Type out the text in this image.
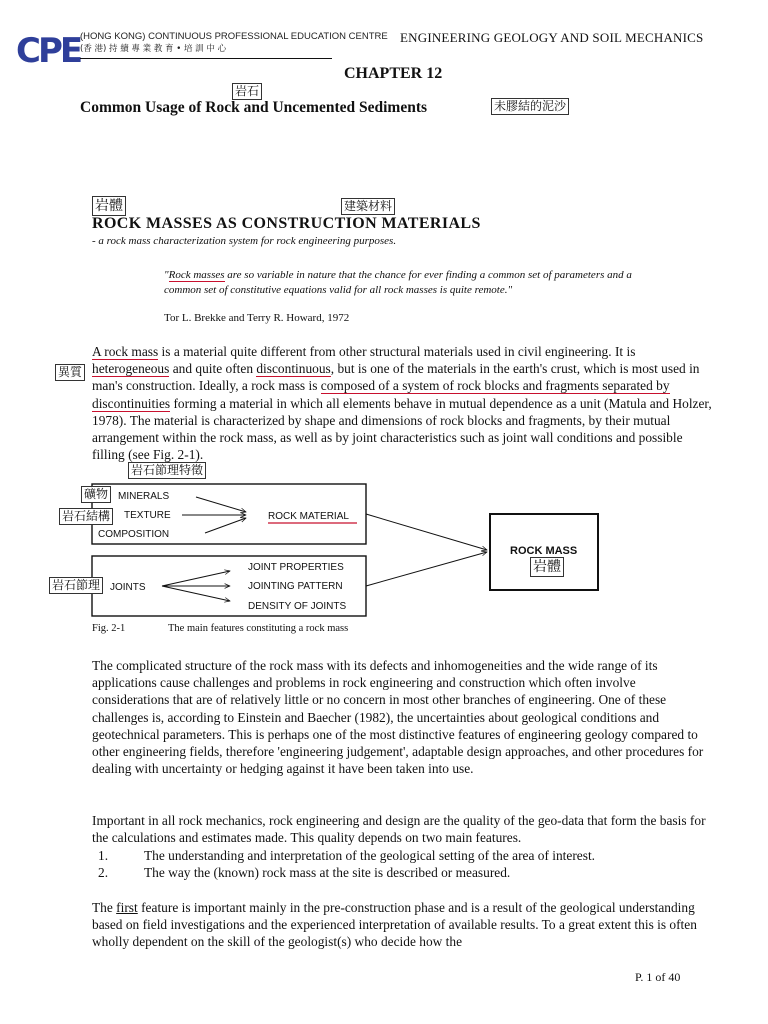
CPE (HONG KONG) CONTINUOUS PROFESSIONAL EDUCATION CENTRE
(香 港) 持 續 專 業 教 育 • 培 訓 中 心
ENGINEERING GEOLOGY AND SOIL MECHANICS
CHAPTER 12
岩石
Common Usage of Rock and Uncemented Sediments	未膠結的泥沙
岩體	建築材料
ROCK MASSES AS CONSTRUCTION MATERIALS
- a rock mass characterization system for rock engineering purposes.
"Rock masses are so variable in nature that the chance for ever finding a common set of parameters and a common set of constitutive equations valid for all rock masses is quite remote."
Tor L. Brekke and Terry R. Howard, 1972
異質
A rock mass is a material quite different from other structural materials used in civil engineering. It is heterogeneous and quite often discontinuous, but is one of the materials in the earth's crust, which is most used in man's construction. Ideally, a rock mass is composed of a system of rock blocks and fragments separated by discontinuities forming a material in which all elements behave in mutual dependence as a unit (Matula and Holzer, 1978). The material is characterized by shape and dimensions of rock blocks and fragments, by their mutual arrangement within the rock mass, as well as by joint characteristics such as joint wall conditions and possible filling (see Fig. 2-1).
岩石節理特徵
MINERALS
TEXTURE
COMPOSITION
ROCK MATERIAL
JOINTS
JOINT PROPERTIES
JOINTING PATTERN
DENSITY OF JOINTS
ROCK MASS
礦物
岩石結構
岩石節理
岩體
Fig. 2-1	The main features constituting a rock mass
The complicated structure of the rock mass with its defects and inhomogeneities and the wide range of its applications cause challenges and problems in rock engineering and construction which often involve considerations that are of relatively little or no concern in most other branches of engineering. One of these challenges is, according to Einstein and Baecher (1982), the uncertainties about geological conditions and geotechnical parameters. This is perhaps one of the most distinctive features of engineering geology compared to other engineering fields, therefore 'engineering judgement', adaptable design approaches, and other procedures for dealing with uncertainty or hedging against it have been taken into use.
Important in all rock mechanics, rock engineering and design are the quality of the geo-data that form the basis for the calculations and estimates made. This quality depends on two main features.
1.	The understanding and interpretation of the geological setting of the area of interest.
2.	The way the (known) rock mass at the site is described or measured.
The first feature is important mainly in the pre-construction phase and is a result of the geological understanding based on field investigations and the experienced interpretation of available results. To a great extent this is often wholly dependent on the skill of the geologist(s) who decide how the
P. 1 of 40
